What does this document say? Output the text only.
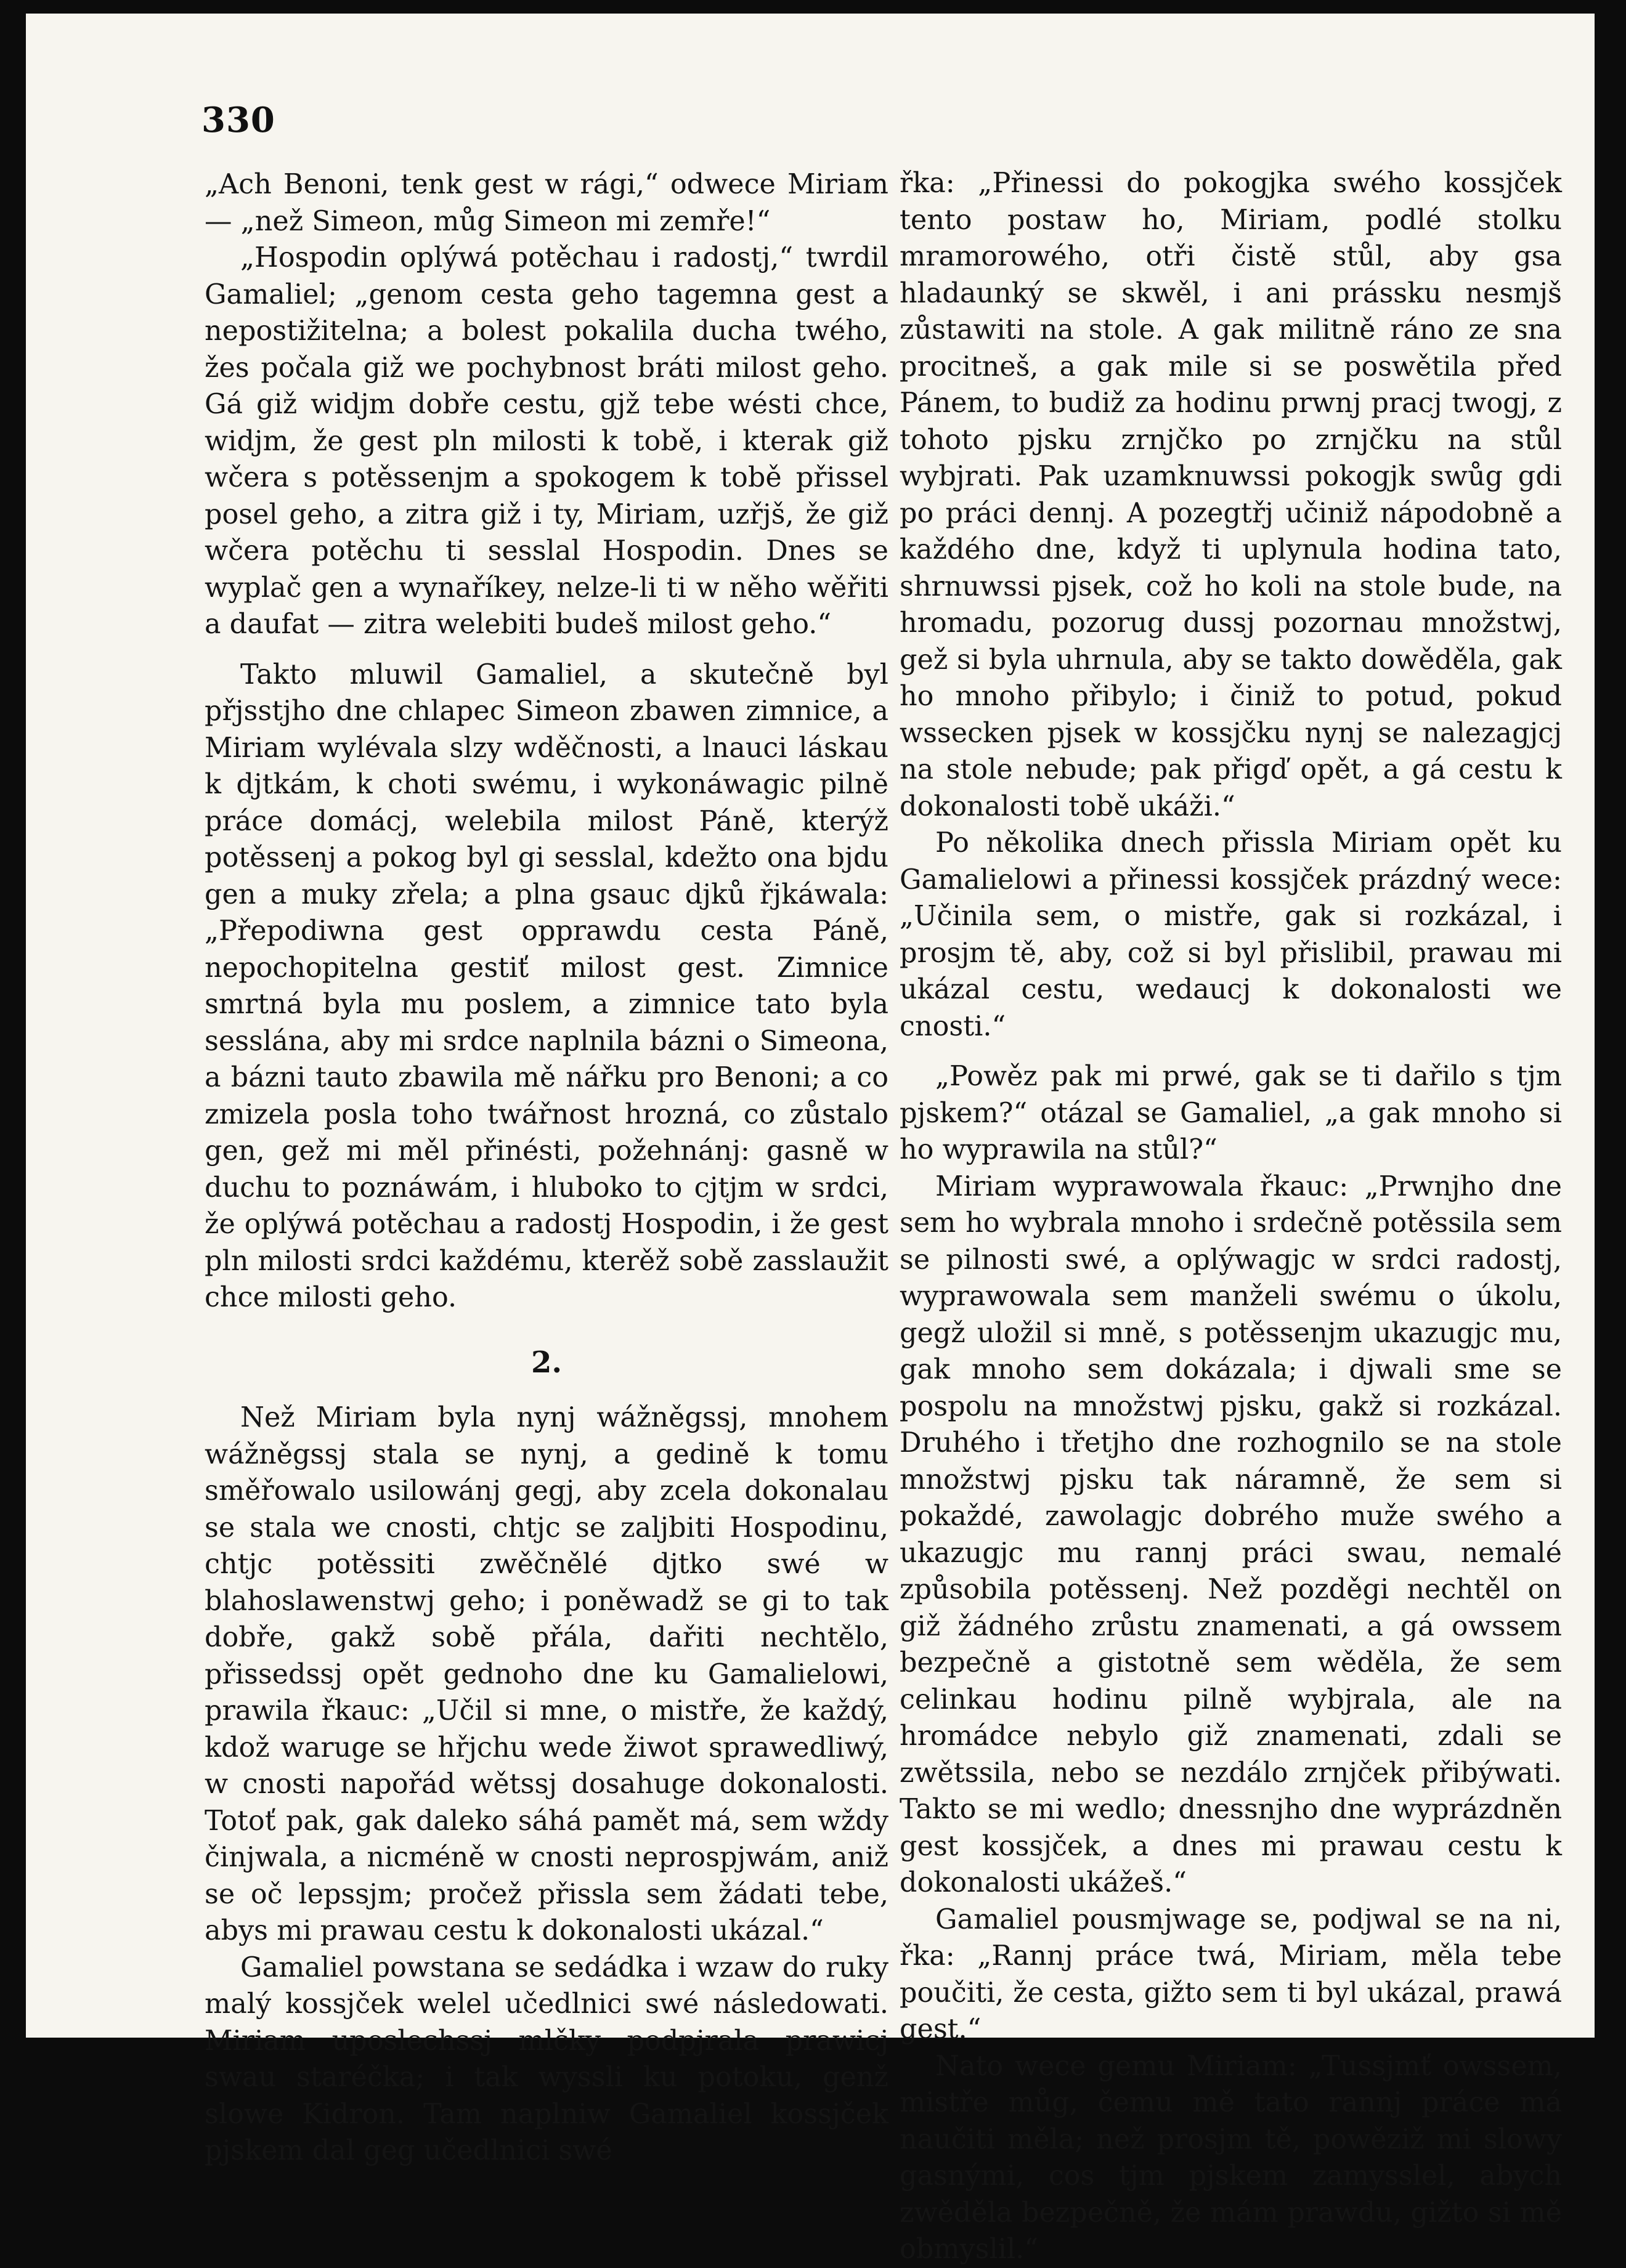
330

„Ach Benoni, tenk gest w rági,“ odwece Miriam — „než Simeon, můg Simeon mi zemře!“

„Hospodin oplýwá potěchau i radostj,“ twrdil Gamaliel; „genom cesta geho tagemna gest a nepostižitelna; a bolest pokalila ducha twého, žes počala giž we pochybnost bráti milost geho. Gá giž widjm dobře cestu, gjž tebe wésti chce, widjm, že gest pln milosti k tobě, i kterak giž wčera s potěssenjm a spokogem k tobě přissel posel geho, a zitra giž i ty, Miriam, uzřjš, že giž wčera potěchu ti sesslal Hospodin. Dnes se wyplač gen a wynaříkey, nelze-li ti w něho wěřiti a daufat — zitra welebiti budeš milost geho.“

Takto mluwil Gamaliel, a skutečně byl přjsstjho dne chlapec Simeon zbawen zimnice, a Miriam wylévala slzy wděčnosti, a lnauci láskau k djtkám, k choti swému, i wykonáwagic pilně práce domácj, welebila milost Páně, kterýž potěssenj a pokog byl gi sesslal, kdežto ona bjdu gen a muky zřela; a plna gsauc djků řjkáwala: „Přepodiwna gest opprawdu cesta Páně, nepochopitelna gestiť milost gest. Zimnice smrtná byla mu poslem, a zimnice tato byla sesslána, aby mi srdce naplnila bázni o Simeona, a bázni tauto zbawila mě nářku pro Benoni; a co zmizela posla toho twářnost hrozná, co zůstalo gen, gež mi měl přinésti, požehnánj: gasně w duchu to poznáwám, i hluboko to cjtjm w srdci, že oplýwá potěchau a radostj Hospodin, i že gest pln milosti srdci každému, kterěž sobě zasslaužit chce milosti geho.

2.

Než Miriam byla nynj wážněgssj, mnohem wážněgssj stala se nynj, a gedině k tomu směřowalo usilowánj gegj, aby zcela dokonalau se stala we cnosti, chtjc se zaljbiti Hospodinu, chtjc potěssiti zwěčnělé djtko swé w blahoslawenstwj geho; i poněwadž se gi to tak dobře, gakž sobě přála, dařiti nechtělo, přissedssj opět gednoho dne ku Gamalielowi, prawila řkauc: „Učil si mne, o mistře, že každý, kdož waruge se hřjchu wede žiwot sprawedliwý, w cnosti napořád wětssj dosahuge dokonalosti. Totoť pak, gak daleko sáhá pamět má, sem wždy činjwala, a nicméně w cnosti neprospjwám, aniž se oč lepssjm; pročež přissla sem žádati tebe, abys mi prawau cestu k dokonalosti ukázal.“

Gamaliel powstana se sedádka i wzaw do ruky malý kossjček welel učedlnici swé následowati. Miriam uposlechssj mlčky podpjrala prawicj swau staréčka; i tak wyssli ku potoku, genž slowe Kidron. Tam naplniw Gamaliel kossjček pjskem dal geg učedlnici swé

řka: „Přinessi do pokogjka swého kossjček tento postaw ho, Miriam, podlé stolku mramorowého, otři čistě stůl, aby gsa hladaunký se skwěl, i ani prássku nesmjš zůstawiti na stole. A gak militně ráno ze sna procitneš, a gak mile si se poswětila před Pánem, to budiž za hodinu prwnj pracj twogj, z tohoto pjsku zrnjčko po zrnjčku na stůl wybjrati. Pak uzamknuwssi pokogjk swůg gdi po práci dennj. A pozegtřj učiniž nápodobně a každého dne, když ti uplynula hodina tato, shrnuwssi pjsek, což ho koli na stole bude, na hromadu, pozorug dussj pozornau množstwj, gež si byla uhrnula, aby se takto dowěděla, gak ho mnoho přibylo; i činiž to potud, pokud wssecken pjsek w kossjčku nynj se nalezagjcj na stole nebude; pak přigď opět, a gá cestu k dokonalosti tobě ukáži.“

Po několika dnech přissla Miriam opět ku Gamalielowi a přinessi kossjček prázdný wece: „Učinila sem, o mistře, gak si rozkázal, i prosjm tě, aby, což si byl přislibil, prawau mi ukázal cestu, wedaucj k dokonalosti we cnosti.“

„Powěz pak mi prwé, gak se ti dařilo s tjm pjskem?“ otázal se Gamaliel, „a gak mnoho si ho wyprawila na stůl?“

Miriam wyprawowala řkauc: „Prwnjho dne sem ho wybrala mnoho i srdečně potěssila sem se pilnosti swé, a oplýwagjc w srdci radostj, wyprawowala sem manželi swému o úkolu, gegž uložil si mně, s potěssenjm ukazugjc mu, gak mnoho sem dokázala; i djwali sme se pospolu na množstwj pjsku, gakž si rozkázal. Druhého i třetjho dne rozhognilo se na stole množstwj pjsku tak náramně, že sem si pokaždé, zawolagjc dobrého muže swého a ukazugjc mu rannj práci swau, nemalé způsobila potěssenj. Než pozděgi nechtěl on giž žádného zrůstu znamenati, a gá owssem bezpečně a gistotně sem wěděla, že sem celinkau hodinu pilně wybjrala, ale na hromádce nebylo giž znamenati, zdali se zwětssila, nebo se nezdálo zrnjček přibýwati. Takto se mi wedlo; dnessnjho dne wyprázdněn gest kossjček, a dnes mi prawau cestu k dokonalosti ukážeš.“

Gamaliel pousmjwage se, podjwal se na ni, řka: „Rannj práce twá, Miriam, měla tebe poučiti, že cesta, gižto sem ti byl ukázal, prawá gest.“

Nato wece gemu Miriam: „Tussjmť owssem, mistře můg, čemu mě tato rannj práce má naučiti měla; než prosjm tě, powěziž mi slowy gasnými, cos tjm pjskem zamysslel, abych zwěděla bezpečně, že mám prawdu, gižto si mě obmyslil.“
